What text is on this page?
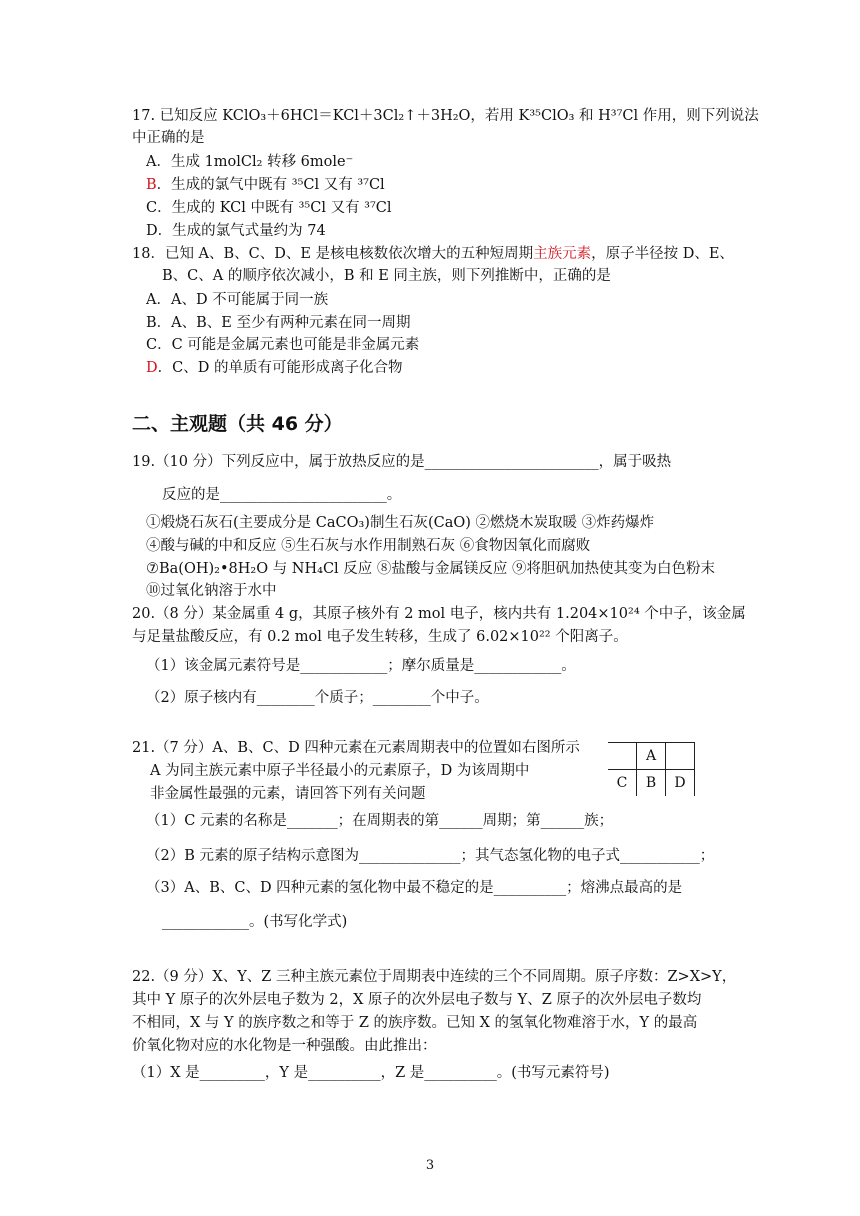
17. 已知反应 KClO₃＋6HCl＝KCl＋3Cl₂↑＋3H₂O，若用 K³⁵ClO₃ 和 H³⁷Cl 作用，则下列说法
中正确的是
A．生成 1molCl₂ 转移 6mole⁻
B．生成的氯气中既有 ³⁵Cl 又有 ³⁷Cl
C．生成的 KCl 中既有 ³⁵Cl 又有 ³⁷Cl
D．生成的氯气式量约为 74
18．已知 A、B、C、D、E 是核电核数依次增大的五种短周期主族元素，原子半径按 D、E、
B、C、A 的顺序依次减小，B 和 E 同主族，则下列推断中，正确的是
A．A、D 不可能属于同一族
B．A、B、E 至少有两种元素在同一周期
C．C 可能是金属元素也可能是非金属元素
D．C、D 的单质有可能形成离子化合物
二、主观题（共 46 分）
19.（10 分）下列反应中，属于放热反应的是________________________，属于吸热
反应的是_______________________。
①煅烧石灰石(主要成分是 CaCO₃)制生石灰(CaO) ②燃烧木炭取暖 ③炸药爆炸
④酸与碱的中和反应 ⑤生石灰与水作用制熟石灰 ⑥食物因氧化而腐败
⑦Ba(OH)₂•8H₂O 与 NH₄Cl 反应 ⑧盐酸与金属镁反应 ⑨将胆矾加热使其变为白色粉末
⑩过氧化钠溶于水中
20.（8 分）某金属重 4 g，其原子核外有 2 mol 电子，核内共有 1.204×10²⁴ 个中子，该金属
与足量盐酸反应，有 0.2 mol 电子发生转移，生成了 6.02×10²² 个阳离子。
（1）该金属元素符号是____________；摩尔质量是____________。
（2）原子核内有________个质子；________个中子。
21.（7 分）A、B、C、D 四种元素在元素周期表中的位置如右图所示
A 为同主族元素中原子半径最小的元素原子，D 为该周期中
非金属性最强的元素，请回答下列有关问题
	A	
C	B	D
（1）C 元素的名称是_______；在周期表的第______周期；第______族；
（2）B 元素的原子结构示意图为______________；其气态氢化物的电子式___________；
（3）A、B、C、D 四种元素的氢化物中最不稳定的是__________；熔沸点最高的是
____________。(书写化学式)
22.（9 分）X、Y、Z 三种主族元素位于周期表中连续的三个不同周期。原子序数：Z>X>Y，
其中 Y 原子的次外层电子数为 2，X 原子的次外层电子数与 Y、Z 原子的次外层电子数均
不相同，X 与 Y 的族序数之和等于 Z 的族序数。已知 X 的氢氧化物难溶于水，Y 的最高
价氧化物对应的水化物是一种强酸。由此推出：
（1）X 是_________，Y 是__________，Z 是__________。(书写元素符号)
3
